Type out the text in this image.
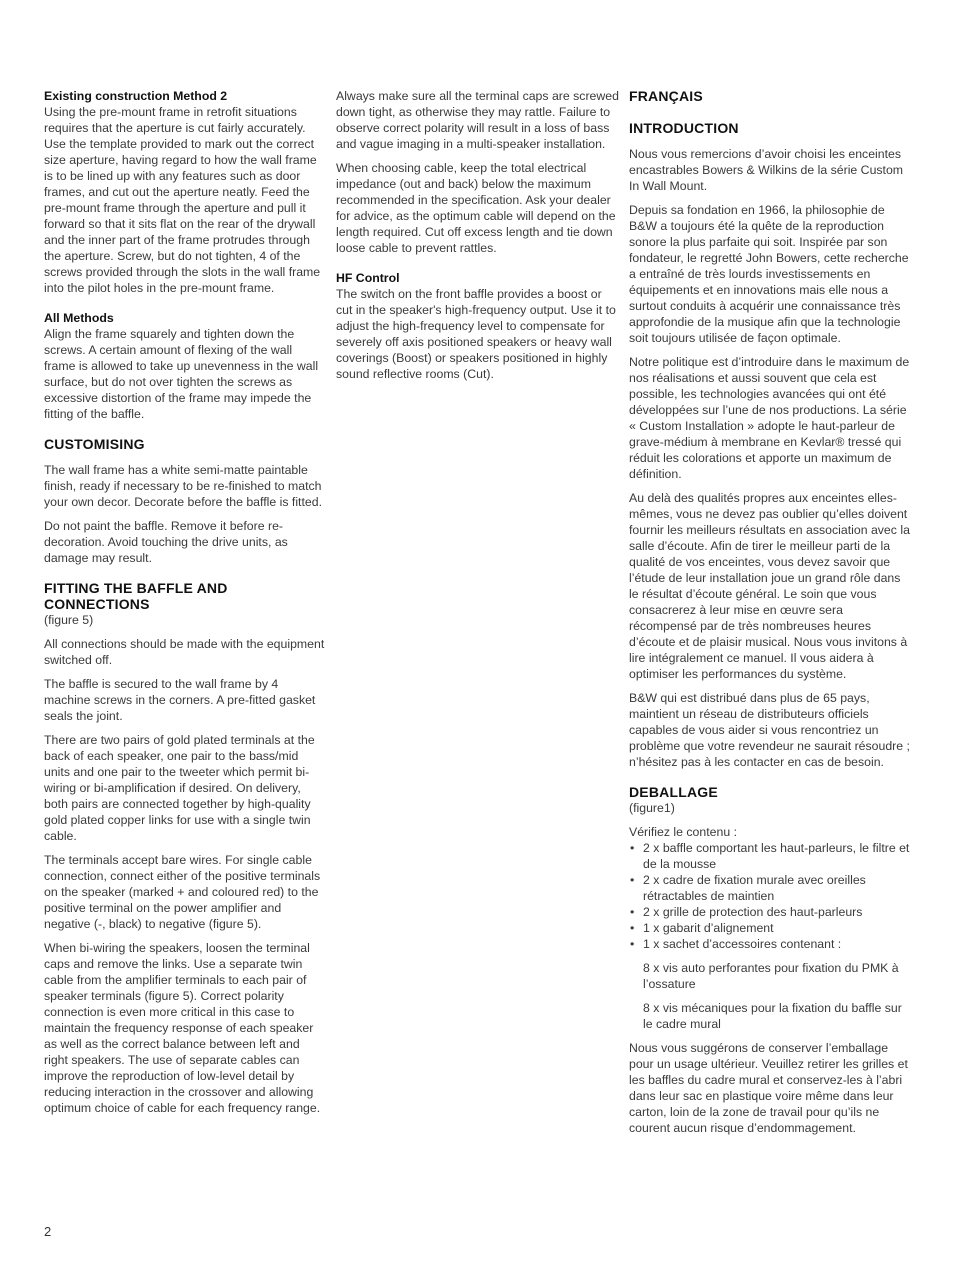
Existing construction Method 2

Using the pre-mount frame in retrofit situations requires that the aperture is cut fairly accurately. Use the template provided to mark out the correct size aperture, having regard to how the wall frame is to be lined up with any features such as door frames, and cut out the aperture neatly. Feed the pre-mount frame through the aperture and pull it forward so that it sits flat on the rear of the drywall and the inner part of the frame protrudes through the aperture. Screw, but do not tighten, 4 of the screws provided through the slots in the wall frame into the pilot holes in the pre-mount frame.

All Methods

Align the frame squarely and tighten down the screws. A certain amount of flexing of the wall frame is allowed to take up unevenness in the wall surface, but do not over tighten the screws as excessive distortion of the frame may impede the fitting of the baffle.

CUSTOMISING

The wall frame has a white semi-matte paintable finish, ready if necessary to be re-finished to match your own decor. Decorate before the baffle is fitted.

Do not paint the baffle. Remove it before re-decoration. Avoid touching the drive units, as damage may result.

FITTING THE BAFFLE AND CONNECTIONS

(figure 5)

All connections should be made with the equipment switched off.

The baffle is secured to the wall frame by 4 machine screws in the corners. A pre-fitted gasket seals the joint.

There are two pairs of gold plated terminals at the back of each speaker, one pair to the bass/mid units and one pair to the tweeter which permit bi-wiring or bi-amplification if desired. On delivery, both pairs are connected together by high-quality gold plated copper links for use with a single twin cable.

The terminals accept bare wires. For single cable connection, connect either of the positive terminals on the speaker (marked + and coloured red) to the positive terminal on the power amplifier and negative (-, black) to negative (figure 5).

When bi-wiring the speakers, loosen the terminal caps and remove the links. Use a separate twin cable from the amplifier terminals to each pair of speaker terminals (figure 5). Correct polarity connection is even more critical in this case to maintain the frequency response of each speaker as well as the correct balance between left and right speakers. The use of separate cables can improve the reproduction of low-level detail by reducing interaction in the crossover and allowing optimum choice of cable for each frequency range.

Always make sure all the terminal caps are screwed down tight, as otherwise they may rattle. Failure to observe correct polarity will result in a loss of bass and vague imaging in a multi-speaker installation.

When choosing cable, keep the total electrical impedance (out and back) below the maximum recommended in the specification. Ask your dealer for advice, as the optimum cable will depend on the length required. Cut off excess length and tie down loose cable to prevent rattles.

HF Control

The switch on the front baffle provides a boost or cut in the speaker's high-frequency output. Use it to adjust the high-frequency level to compensate for severely off axis positioned speakers or heavy wall coverings (Boost) or speakers positioned in highly sound reflective rooms (Cut).

FRANÇAIS

INTRODUCTION

Nous vous remercions d’avoir choisi les enceintes encastrables Bowers & Wilkins de la série Custom In Wall Mount.

Depuis sa fondation en 1966, la philosophie de B&W a toujours été la quête de la reproduction sonore la plus parfaite qui soit. Inspirée par son fondateur, le regretté John Bowers, cette recherche a entraîné de très lourds investissements en équipements et en innovations mais elle nous a surtout conduits à acquérir une connaissance très approfondie de la musique afin que la technologie soit toujours utilisée de façon optimale.

Notre politique est d’introduire dans le maximum de nos réalisations et aussi souvent que cela est possible, les technologies avancées qui ont été développées sur l’une de nos productions. La série « Custom Installation » adopte le haut-parleur de grave-médium à membrane en Kevlar® tressé qui réduit les colorations et apporte un maximum de définition.

Au delà des qualités propres aux enceintes elles-mêmes, vous ne devez pas oublier qu’elles doivent fournir les meilleurs résultats en association avec la salle d’écoute. Afin de tirer le meilleur parti de la qualité de vos enceintes, vous devez savoir que l’étude de leur installation joue un grand rôle dans le résultat d’écoute général. Le soin que vous consacrerez à leur mise en œuvre sera récompensé par de très nombreuses heures d’écoute et de plaisir musical. Nous vous invitons à lire intégralement ce manuel. Il vous aidera à optimiser les performances du système.

B&W qui est distribué dans plus de 65 pays, maintient un réseau de distributeurs officiels capables de vous aider si vous rencontriez un problème que votre revendeur ne saurait résoudre ; n’hésitez pas à les contacter en cas de besoin.

DEBALLAGE

(figure1)

Vérifiez le contenu :

• 2 x baffle comportant les haut-parleurs, le filtre et de la mousse
• 2 x cadre de fixation murale avec oreilles rétractables de maintien
• 2 x grille de protection des haut-parleurs
• 1 x gabarit d’alignement
• 1 x sachet d’accessoires contenant :

8 x vis auto perforantes pour fixation du PMK à l’ossature

8 x vis mécaniques pour la fixation du baffle sur le cadre mural

Nous vous suggérons de conserver l’emballage pour un usage ultérieur. Veuillez retirer les grilles et les baffles du cadre mural et conservez-les à l’abri dans leur sac en plastique voire même dans leur carton, loin de la zone de travail pour qu’ils ne courent aucun risque d’endommagement.

2
